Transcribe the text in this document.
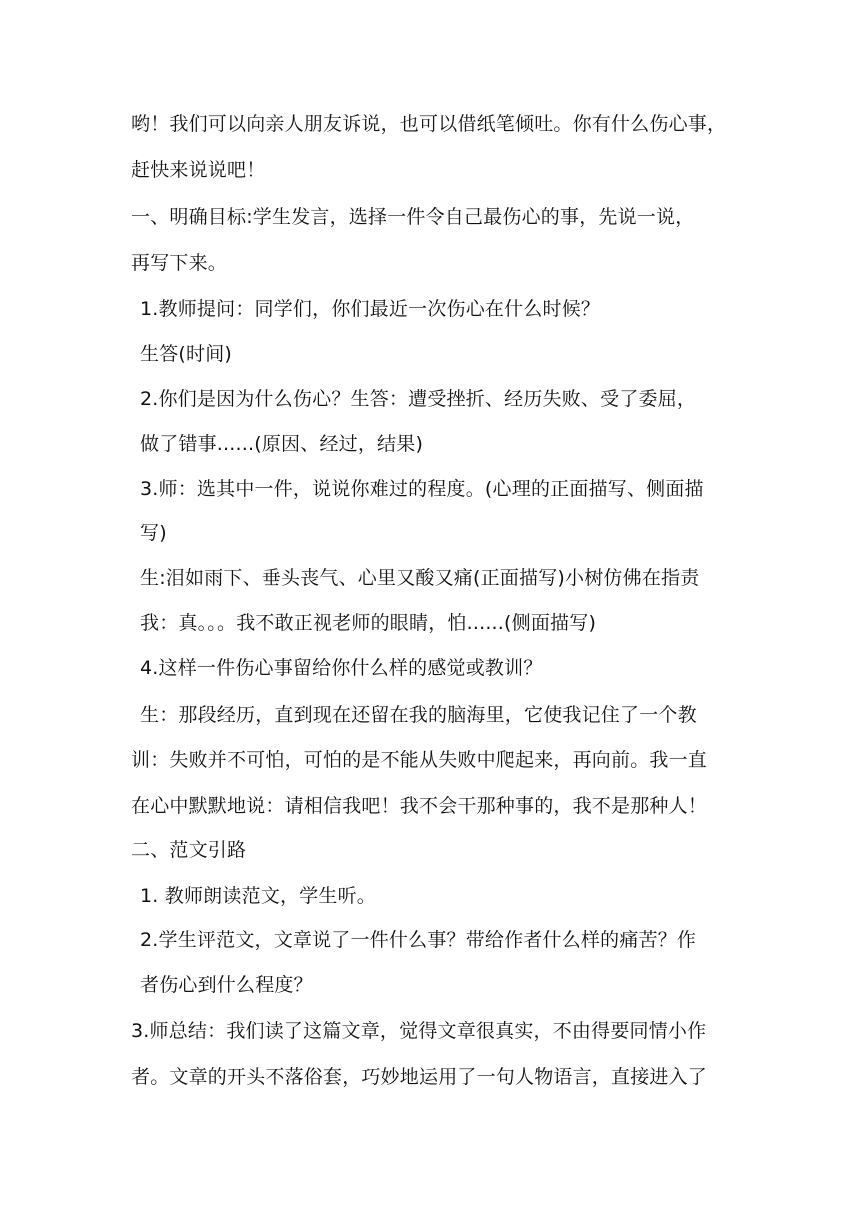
哟！我们可以向亲人朋友诉说，也可以借纸笔倾吐。你有什么伤心事，
赶快来说说吧！
一、明确目标:学生发言，选择一件令自己最伤心的事，先说一说，
再写下来。
1.教师提问：同学们，你们最近一次伤心在什么时候？
生答(时间)
2.你们是因为什么伤心？生答：遭受挫折、经历失败、受了委屈，
做了错事......(原因、经过，结果)
3.师：选其中一件，说说你难过的程度。(心理的正面描写、侧面描
写)
生:泪如雨下、垂头丧气、心里又酸又痛(正面描写)小树仿佛在指责
我：真。。。我不敢正视老师的眼睛，怕......(侧面描写)
4.这样一件伤心事留给你什么样的感觉或教训？
生：那段经历，直到现在还留在我的脑海里，它使我记住了一个教
训：失败并不可怕，可怕的是不能从失败中爬起来，再向前。我一直
在心中默默地说：请相信我吧！我不会干那种事的，我不是那种人！
二、范文引路
1. 教师朗读范文，学生听。
2.学生评范文，文章说了一件什么事？带给作者什么样的痛苦？作
者伤心到什么程度？
3.师总结：我们读了这篇文章，觉得文章很真实，不由得要同情小作
者。文章的开头不落俗套，巧妙地运用了一句人物语言，直接进入了
